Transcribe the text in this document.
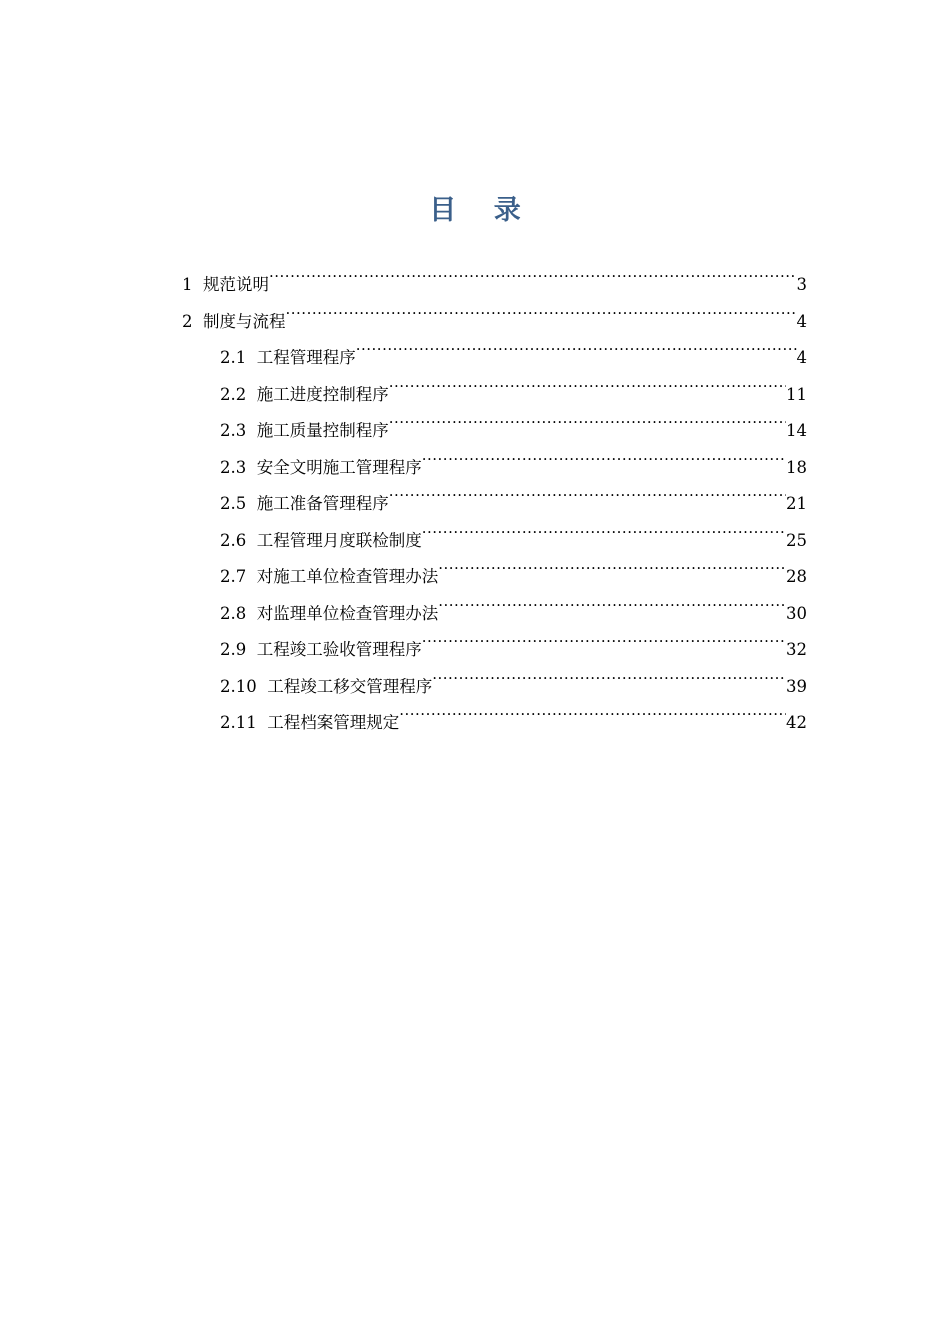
目    录
1 规范说明 .....	3
2 制度与流程 .....	4
2.1 工程管理程序 .....	4
2.2 施工进度控制程序 .....	11
2.3 施工质量控制程序 .....	14
2.3 安全文明施工管理程序 .....	18
2.5 施工准备管理程序 .....	21
2.6 工程管理月度联检制度 .....	25
2.7 对施工单位检查管理办法 .....	28
2.8 对监理单位检查管理办法 .....	30
2.9 工程竣工验收管理程序 .....	32
2.10 工程竣工移交管理程序 .....	39
2.11 工程档案管理规定 .....	42
